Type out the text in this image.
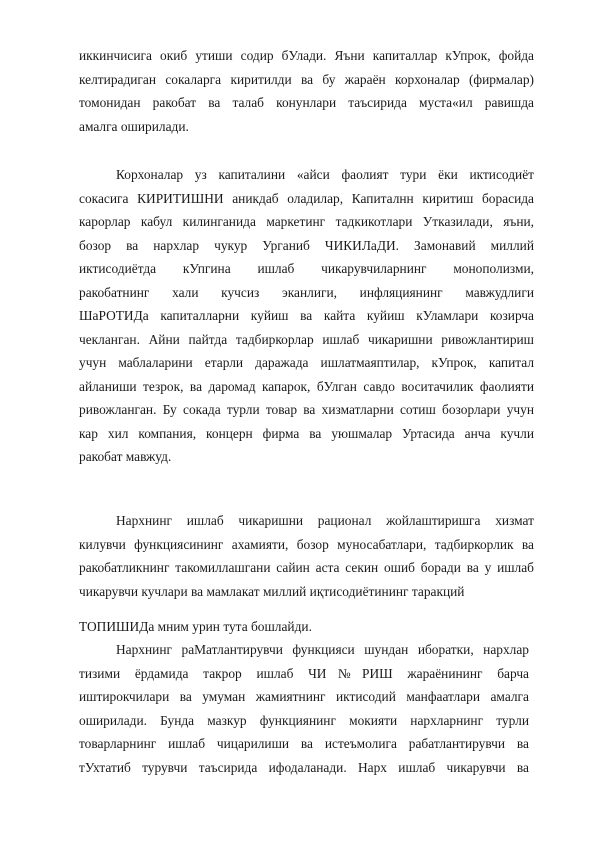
иккинчисига окиб утиши содир бУлади. Яъни капиталлар кУпрок, фойда
келтирадиган сокаларга киритилди ва бу жараён корхоналар (фирмалар)
томонидан ракобат ва талаб конунлари таъсирида муста«ил равишда
амалга оширилади.
Корхоналар уз капиталини «айси фаолият тури ёки иктисодиёт
сокасига КИРИТИШНИ аникдаб оладилар, Капиталнн киритиш борасида
карорлар кабул килинганида маркетинг тадкикотлари Утказилади, яъни,
бозор ва нархлар чукур Урганиб ЧИКИЛаДИ. Замонавий миллий
иктисодиётда кУпгина ишлаб чикарувчиларнинг монополизми,
ракобатнинг хали кучсиз эканлиги, инфляциянинг мавжудлиги
ШаРОТИДа капиталларни куйиш ва кайта куйиш кУламлари козирча
чекланган. Айни пайтда тадбиркорлар ишлаб чикаришни ривожлантириш
учун маблаларини етарли даражада ишлатмаяптилар, кУпрок, капитал
айланиши тезрок, ва даромад капарок, бУлган савдо воситачилик фаолияти
ривожланган. Бу сокада турли товар ва хизматларни сотиш бозорлари учун
кар хил компания, концерн фирма ва уюшмалар Уртасида анча кучли
ракобат мавжуд.
Нархнинг ишлаб чикаришни рационал жойлаштиришга хизмат
килувчи функциясининг ахамияти, бозор муносабатлари, тадбиркорлик ва
ракобатликнинг такомиллашгани сайин аста секин ошиб боради ва у ишлаб
чикарувчи кучлари ва мамлакат миллий иқтисодиётининг таракций
ТОПИШИДа мним урин тута бошлайди.
Нархнинг раМатлантирувчи функцияси шундан иборатки, нархлар
тизими ёрдамида такрор ишлаб ЧИ№РИШ жараёнининг барча
иштирокчилари ва умуман жамиятнинг иктисодий манфаатлари амалга
оширилади. Бунда мазкур функциянинг мокияти нархларнинг турли
товарларнинг ишлаб чицарилиши ва истеъмолига рабатлантирувчи ва
тУхтатиб турувчи таъсирида ифодаланади. Нарх ишлаб чикарувчи ва
